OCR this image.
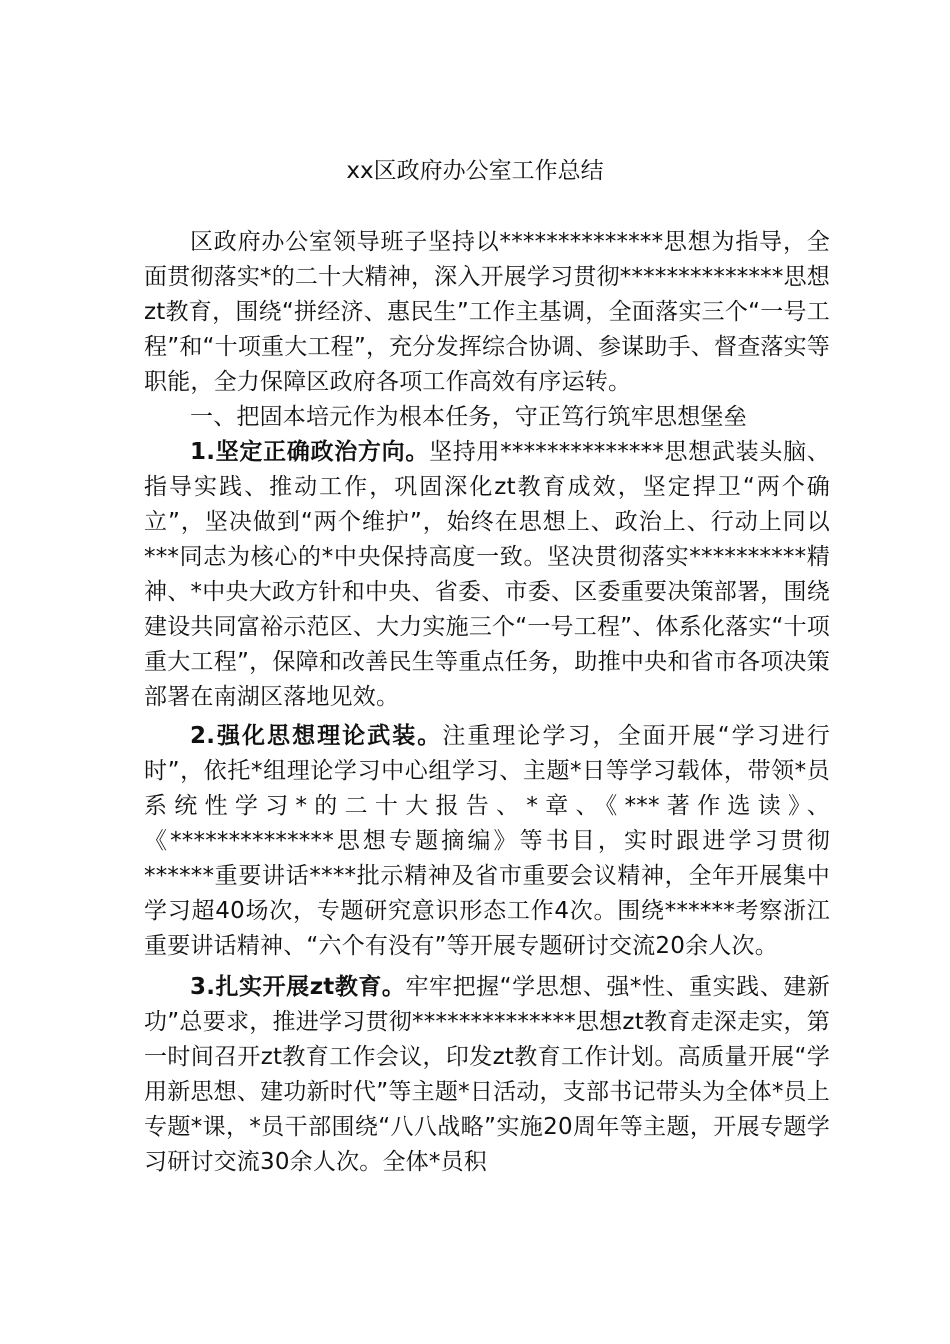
xx区政府办公室工作总结

区政府办公室领导班子坚持以**************思想为指导，全面贯彻落实*的二十大精神，深入开展学习贯彻**************思想zt教育，围绕“拼经济、惠民生”工作主基调，全面落实三个“一号工程”和“十项重大工程”，充分发挥综合协调、参谋助手、督查落实等职能，全力保障区政府各项工作高效有序运转。

一、把固本培元作为根本任务，守正笃行筑牢思想堡垒

1.坚定正确政治方向。坚持用**************思想武装头脑、指导实践、推动工作，巩固深化zt教育成效，坚定捍卫“两个确立”，坚决做到“两个维护”，始终在思想上、政治上、行动上同以***同志为核心的*中央保持高度一致。坚决贯彻落实**********精神、*中央大政方针和中央、省委、市委、区委重要决策部署，围绕建设共同富裕示范区、大力实施三个“一号工程”、体系化落实“十项重大工程”，保障和改善民生等重点任务，助推中央和省市各项决策部署在南湖区落地见效。

2.强化思想理论武装。注重理论学习，全面开展“学习进行时”，依托*组理论学习中心组学习、主题*日等学习载体，带领*员系统性学习*的二十大报告、*章、《***著作选读》、《**************思想专题摘编》等书目，实时跟进学习贯彻******重要讲话****批示精神及省市重要会议精神，全年开展集中学习超40场次，专题研究意识形态工作4次。围绕******考察浙江重要讲话精神、“六个有没有”等开展专题研讨交流20余人次。

3.扎实开展zt教育。牢牢把握“学思想、强*性、重实践、建新功”总要求，推进学习贯彻**************思想zt教育走深走实，第一时间召开zt教育工作会议，印发zt教育工作计划。高质量开展“学用新思想、建功新时代”等主题*日活动，支部书记带头为全体*员上专题*课，*员干部围绕“八八战略”实施20周年等主题，开展专题学习研讨交流30余人次。全体*员积
